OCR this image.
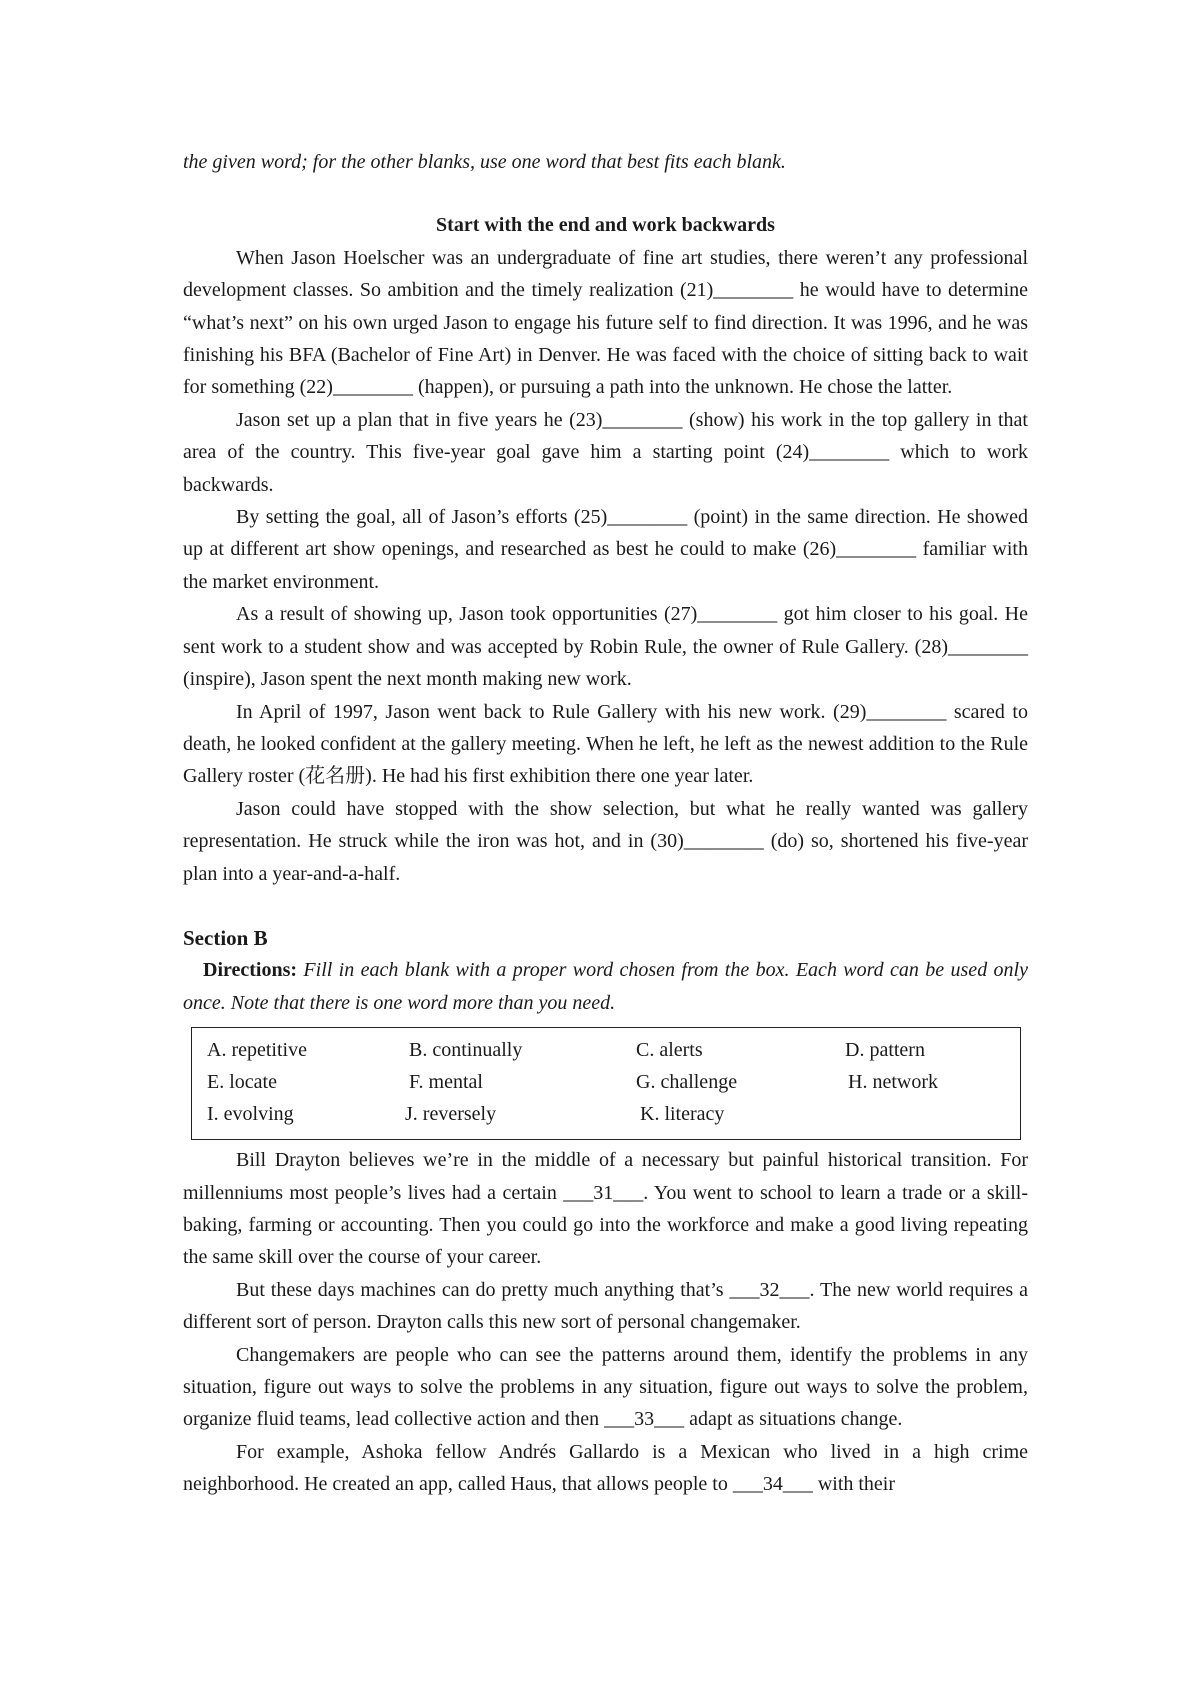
the given word; for the other blanks, use one word that best fits each blank.

Start with the end and work backwards

When Jason Hoelscher was an undergraduate of fine art studies, there weren’t any professional development classes. So ambition and the timely realization (21)________ he would have to determine “what’s next” on his own urged Jason to engage his future self to find direction. It was 1996, and he was finishing his BFA (Bachelor of Fine Art) in Denver. He was faced with the choice of sitting back to wait for something (22)________ (happen), or pursuing a path into the unknown. He chose the latter.

Jason set up a plan that in five years he (23)________ (show) his work in the top gallery in that area of the country. This five-year goal gave him a starting point (24)________ which to work backwards.

By setting the goal, all of Jason’s efforts (25)________ (point) in the same direction. He showed up at different art show openings, and researched as best he could to make (26)________ familiar with the market environment.

As a result of showing up, Jason took opportunities (27)________ got him closer to his goal. He sent work to a student show and was accepted by Robin Rule, the owner of Rule Gallery. (28)________ (inspire), Jason spent the next month making new work.

In April of 1997, Jason went back to Rule Gallery with his new work. (29)________ scared to death, he looked confident at the gallery meeting. When he left, he left as the newest addition to the Rule Gallery roster (花名册). He had his first exhibition there one year later.

Jason could have stopped with the show selection, but what he really wanted was gallery representation. He struck while the iron was hot, and in (30)________ (do) so, shortened his five-year plan into a year-and-a-half.

Section B

Directions: Fill in each blank with a proper word chosen from the box. Each word can be used only once. Note that there is one word more than you need.

A. repetitive	B. continually	C. alerts	D. pattern
E. locate	F. mental	G. challenge	H. network
I. evolving	J. reversely	K. literacy

Bill Drayton believes we’re in the middle of a necessary but painful historical transition. For millenniums most people’s lives had a certain ___31___. You went to school to learn a trade or a skill-baking, farming or accounting. Then you could go into the workforce and make a good living repeating the same skill over the course of your career.

But these days machines can do pretty much anything that’s ___32___. The new world requires a different sort of person. Drayton calls this new sort of personal changemaker.

Changemakers are people who can see the patterns around them, identify the problems in any situation, figure out ways to solve the problems in any situation, figure out ways to solve the problem, organize fluid teams, lead collective action and then ___33___ adapt as situations change.

For example, Ashoka fellow Andrés Gallardo is a Mexican who lived in a high crime neighborhood. He created an app, called Haus, that allows people to ___34___ with their
